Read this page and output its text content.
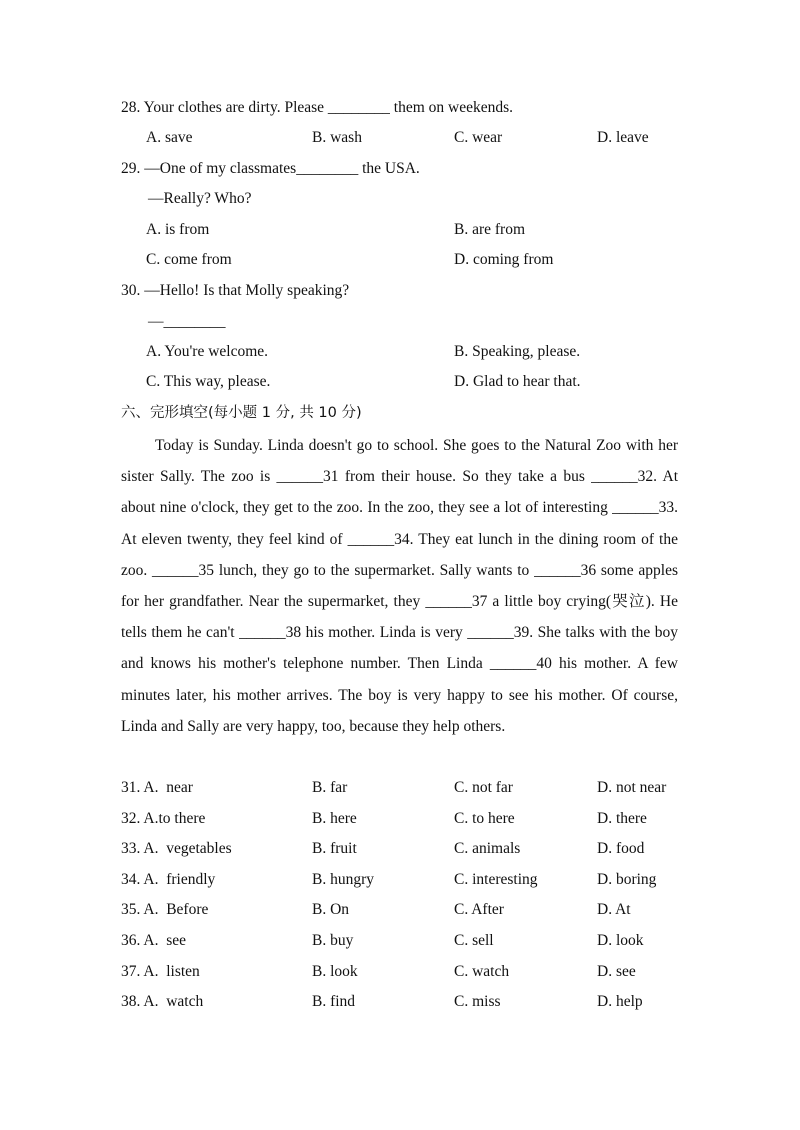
28. Your clothes are dirty. Please ________ them on weekends.
A. save	B. wash	C. wear	D. leave
29. —One of my classmates________ the USA.
—Really? Who?
A. is from	B. are from
C. come from	D. coming from
30. —Hello! Is that Molly speaking?
—________
A. You're welcome.	B. Speaking, please.
C. This way, please.	D. Glad to hear that.
六、完形填空(每小题 1 分, 共 10 分)
Today is Sunday. Linda doesn't go to school. She goes to the Natural Zoo with her sister Sally. The zoo is ______31 from their house. So they take a bus ______32. At about nine o'clock, they get to the zoo. In the zoo, they see a lot of interesting ______33. At eleven twenty, they feel kind of ______34. They eat lunch in the dining room of the zoo. ______35 lunch, they go to the supermarket. Sally wants to ______36 some apples for her grandfather. Near the supermarket, they ______37 a little boy crying(哭泣). He tells them he can't ______38 his mother. Linda is very ______39. She talks with the boy and knows his mother's telephone number. Then Linda ______40 his mother. A few minutes later, his mother arrives. The boy is very happy to see his mother. Of course, Linda and Sally are very happy, too, because they help others.
31. A.  near	B. far	C. not far	D. not near
32. A.to there	B. here	C. to here	D. there
33. A.  vegetables	B. fruit	C. animals	D. food
34. A.  friendly	B. hungry	C. interesting	D. boring
35. A.  Before	B. On	C. After	D. At
36. A.  see	B. buy	C. sell	D. look
37. A.  listen	B. look	C. watch	D. see
38. A.  watch	B. find	C. miss	D. help
